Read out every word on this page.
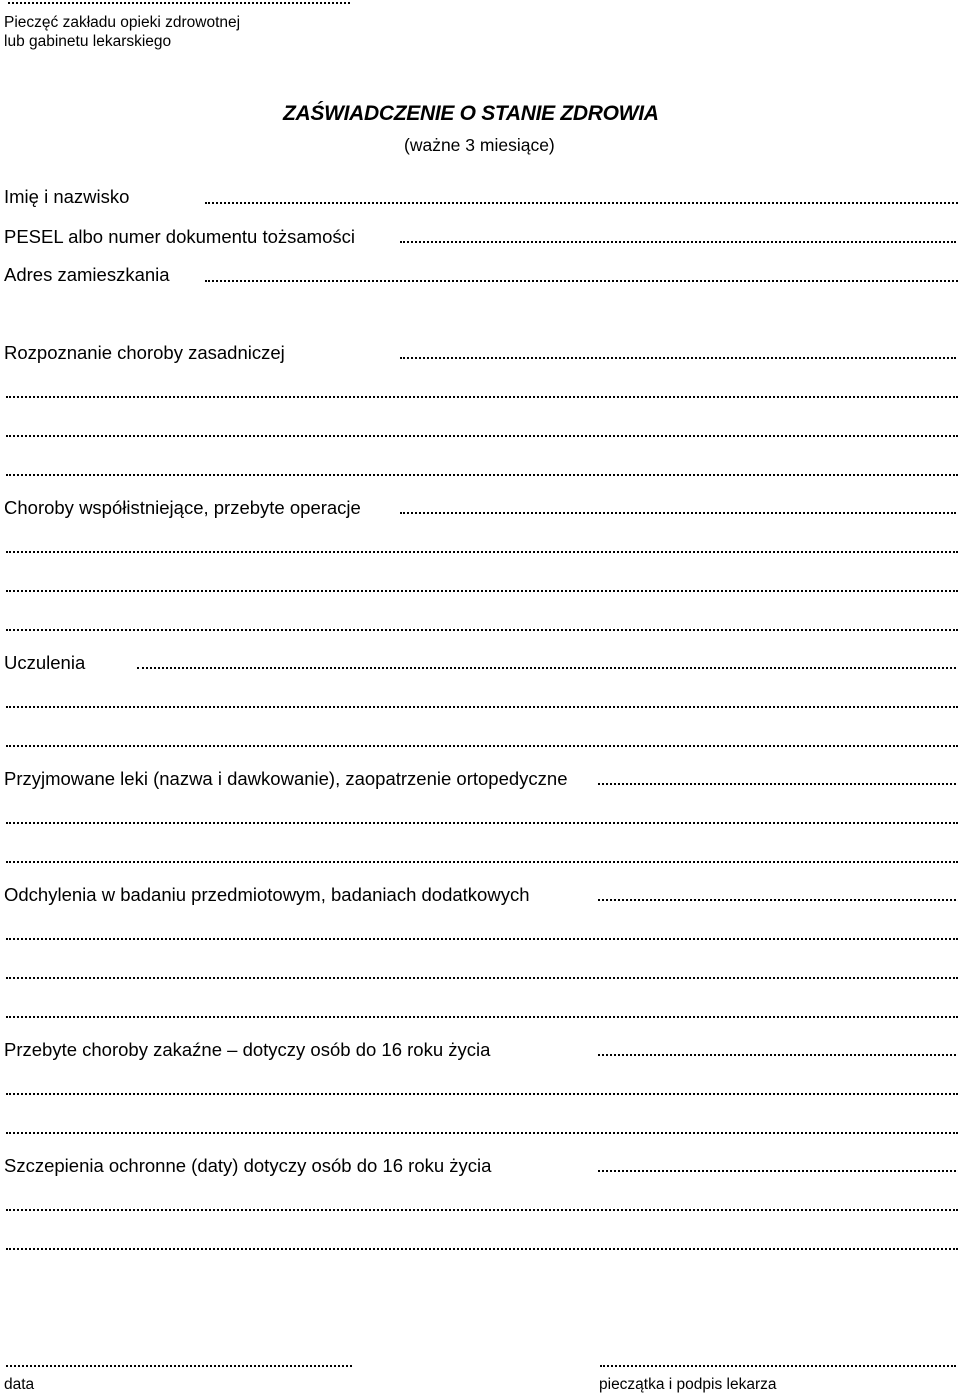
Pieczęć zakładu opieki zdrowotnej
lub gabinetu lekarskiego
ZAŚWIADCZENIE O STANIE ZDROWIA
(ważne 3 miesiące)
Imię i nazwisko
PESEL albo numer dokumentu tożsamości
Adres zamieszkania
Rozpoznanie choroby zasadniczej
Choroby współistniejące, przebyte operacje
Uczulenia
Przyjmowane leki (nazwa i dawkowanie), zaopatrzenie ortopedyczne
Odchylenia w badaniu przedmiotowym, badaniach dodatkowych
Przebyte choroby zakaźne – dotyczy osób do 16 roku życia
Szczepienia ochronne (daty) dotyczy osób do 16 roku życia
data	pieczątka i podpis lekarza
